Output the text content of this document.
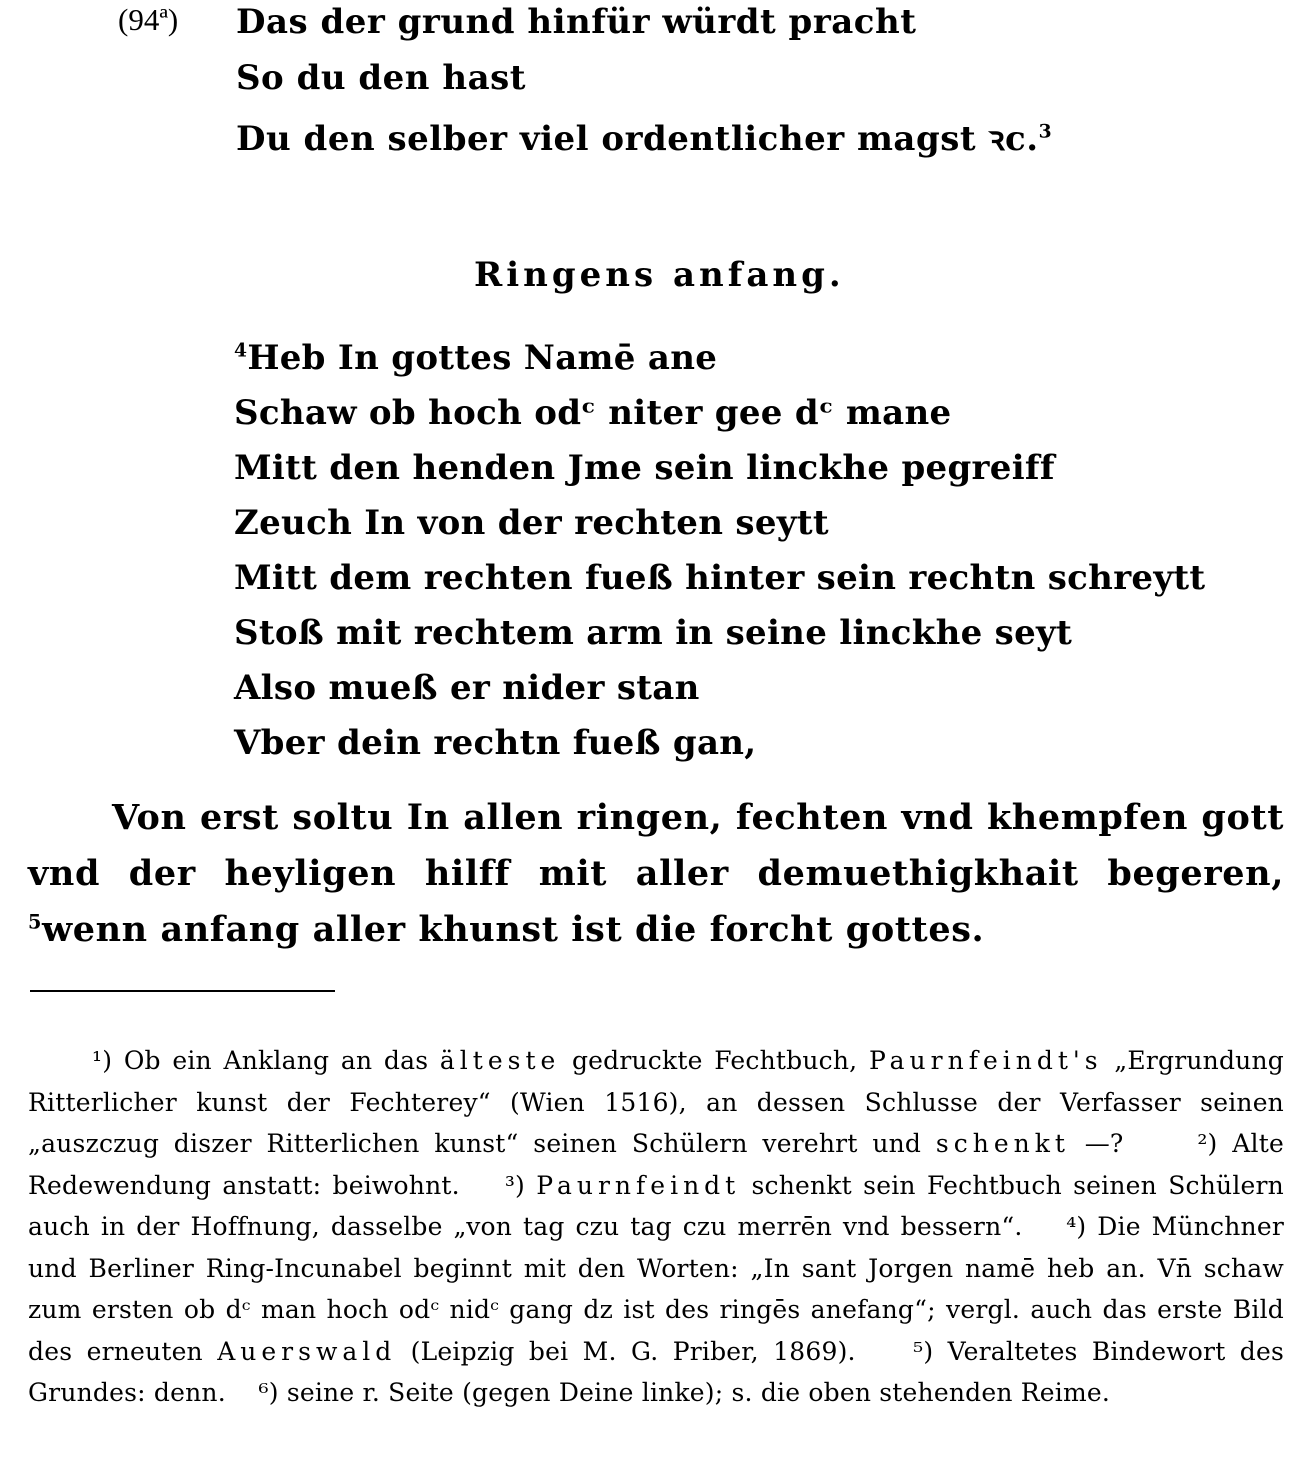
(94ª) Das der grund hinfür würdt pracht
So du den hast
Du den selber viel ordentlicher magst ꝛc.$^3$
Ringens anfang.
$^4$Heb In gottes Namē ane
Schaw ob hoch odᶜ niter gee dᶜ mane
Mitt den henden Jme sein linckhe pegreiff
Zeuch In von der rechten seytt
Mitt dem rechten fueß hinter sein rechtn schreytt
Stoß mit rechtem arm in seine linckhe seyt
Also mueß er nider stan
Vber dein rechtn fueß gan,
Von erst soltu In allen ringen, fechten vnd khempfen gott vnd der heyligen hilff mit aller demuethigkhait begeren, $^5$wenn anfang aller khunst ist die forcht gottes.
¹) Ob ein Anklang an das älteste gedruckte Fechtbuch, Paurnfeindt's „Ergrundung Ritterlicher kunst der Fechterey“ (Wien 1516), an dessen Schlusse der Verfasser seinen „auszczug diszer Ritterlichen kunst“ seinen Schülern verehrt und schenkt —?	²) Alte Redewendung anstatt: beiwohnt. ³) Paurnfeindt schenkt sein Fechtbuch seinen Schülern auch in der Hoffnung, dasselbe „von tag czu tag czu merrēn vnd bessern“. ⁴) Die Münchner und Berliner Ring-Incunabel beginnt mit den Worten: „In sant Jorgen namē heb an. Vn̄ schaw zum ersten ob dᶜ man hoch odᶜ nidᶜ gang dz ist des ringēs anefang“; vergl. auch das erste Bild des erneuten Auerswald (Leipzig bei M. G. Priber, 1869). ⁵) Veraltetes Bindewort des Grundes: denn. ⁶) seine r. Seite (gegen Deine linke); s. die oben stehenden Reime.
